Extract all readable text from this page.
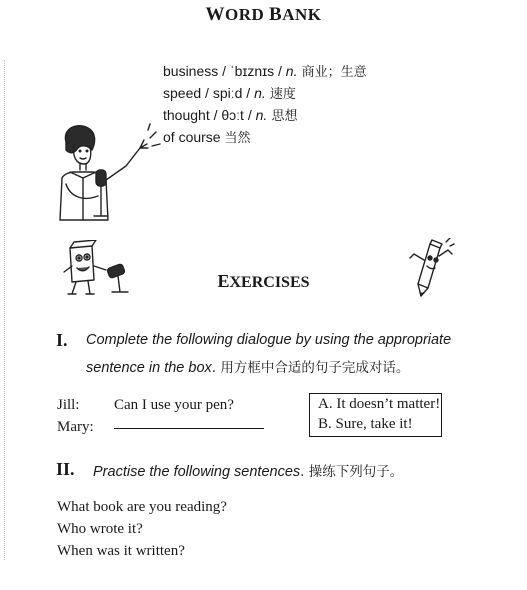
WORD BANK
business / ˈbɪznɪs / n. 商业；生意
speed / spiːd / n. 速度
thought / θɔːt / n. 思想
of course 当然
EXERCISES
I. Complete the following dialogue by using the appropriate
sentence in the box. 用方框中合适的句子完成对话。
Jill: Can I use your pen?
Mary:
A. It doesn’t matter!
B. Sure, take it!
II. Practise the following sentences. 操练下列句子。
What book are you reading?
Who wrote it?
When was it written?
